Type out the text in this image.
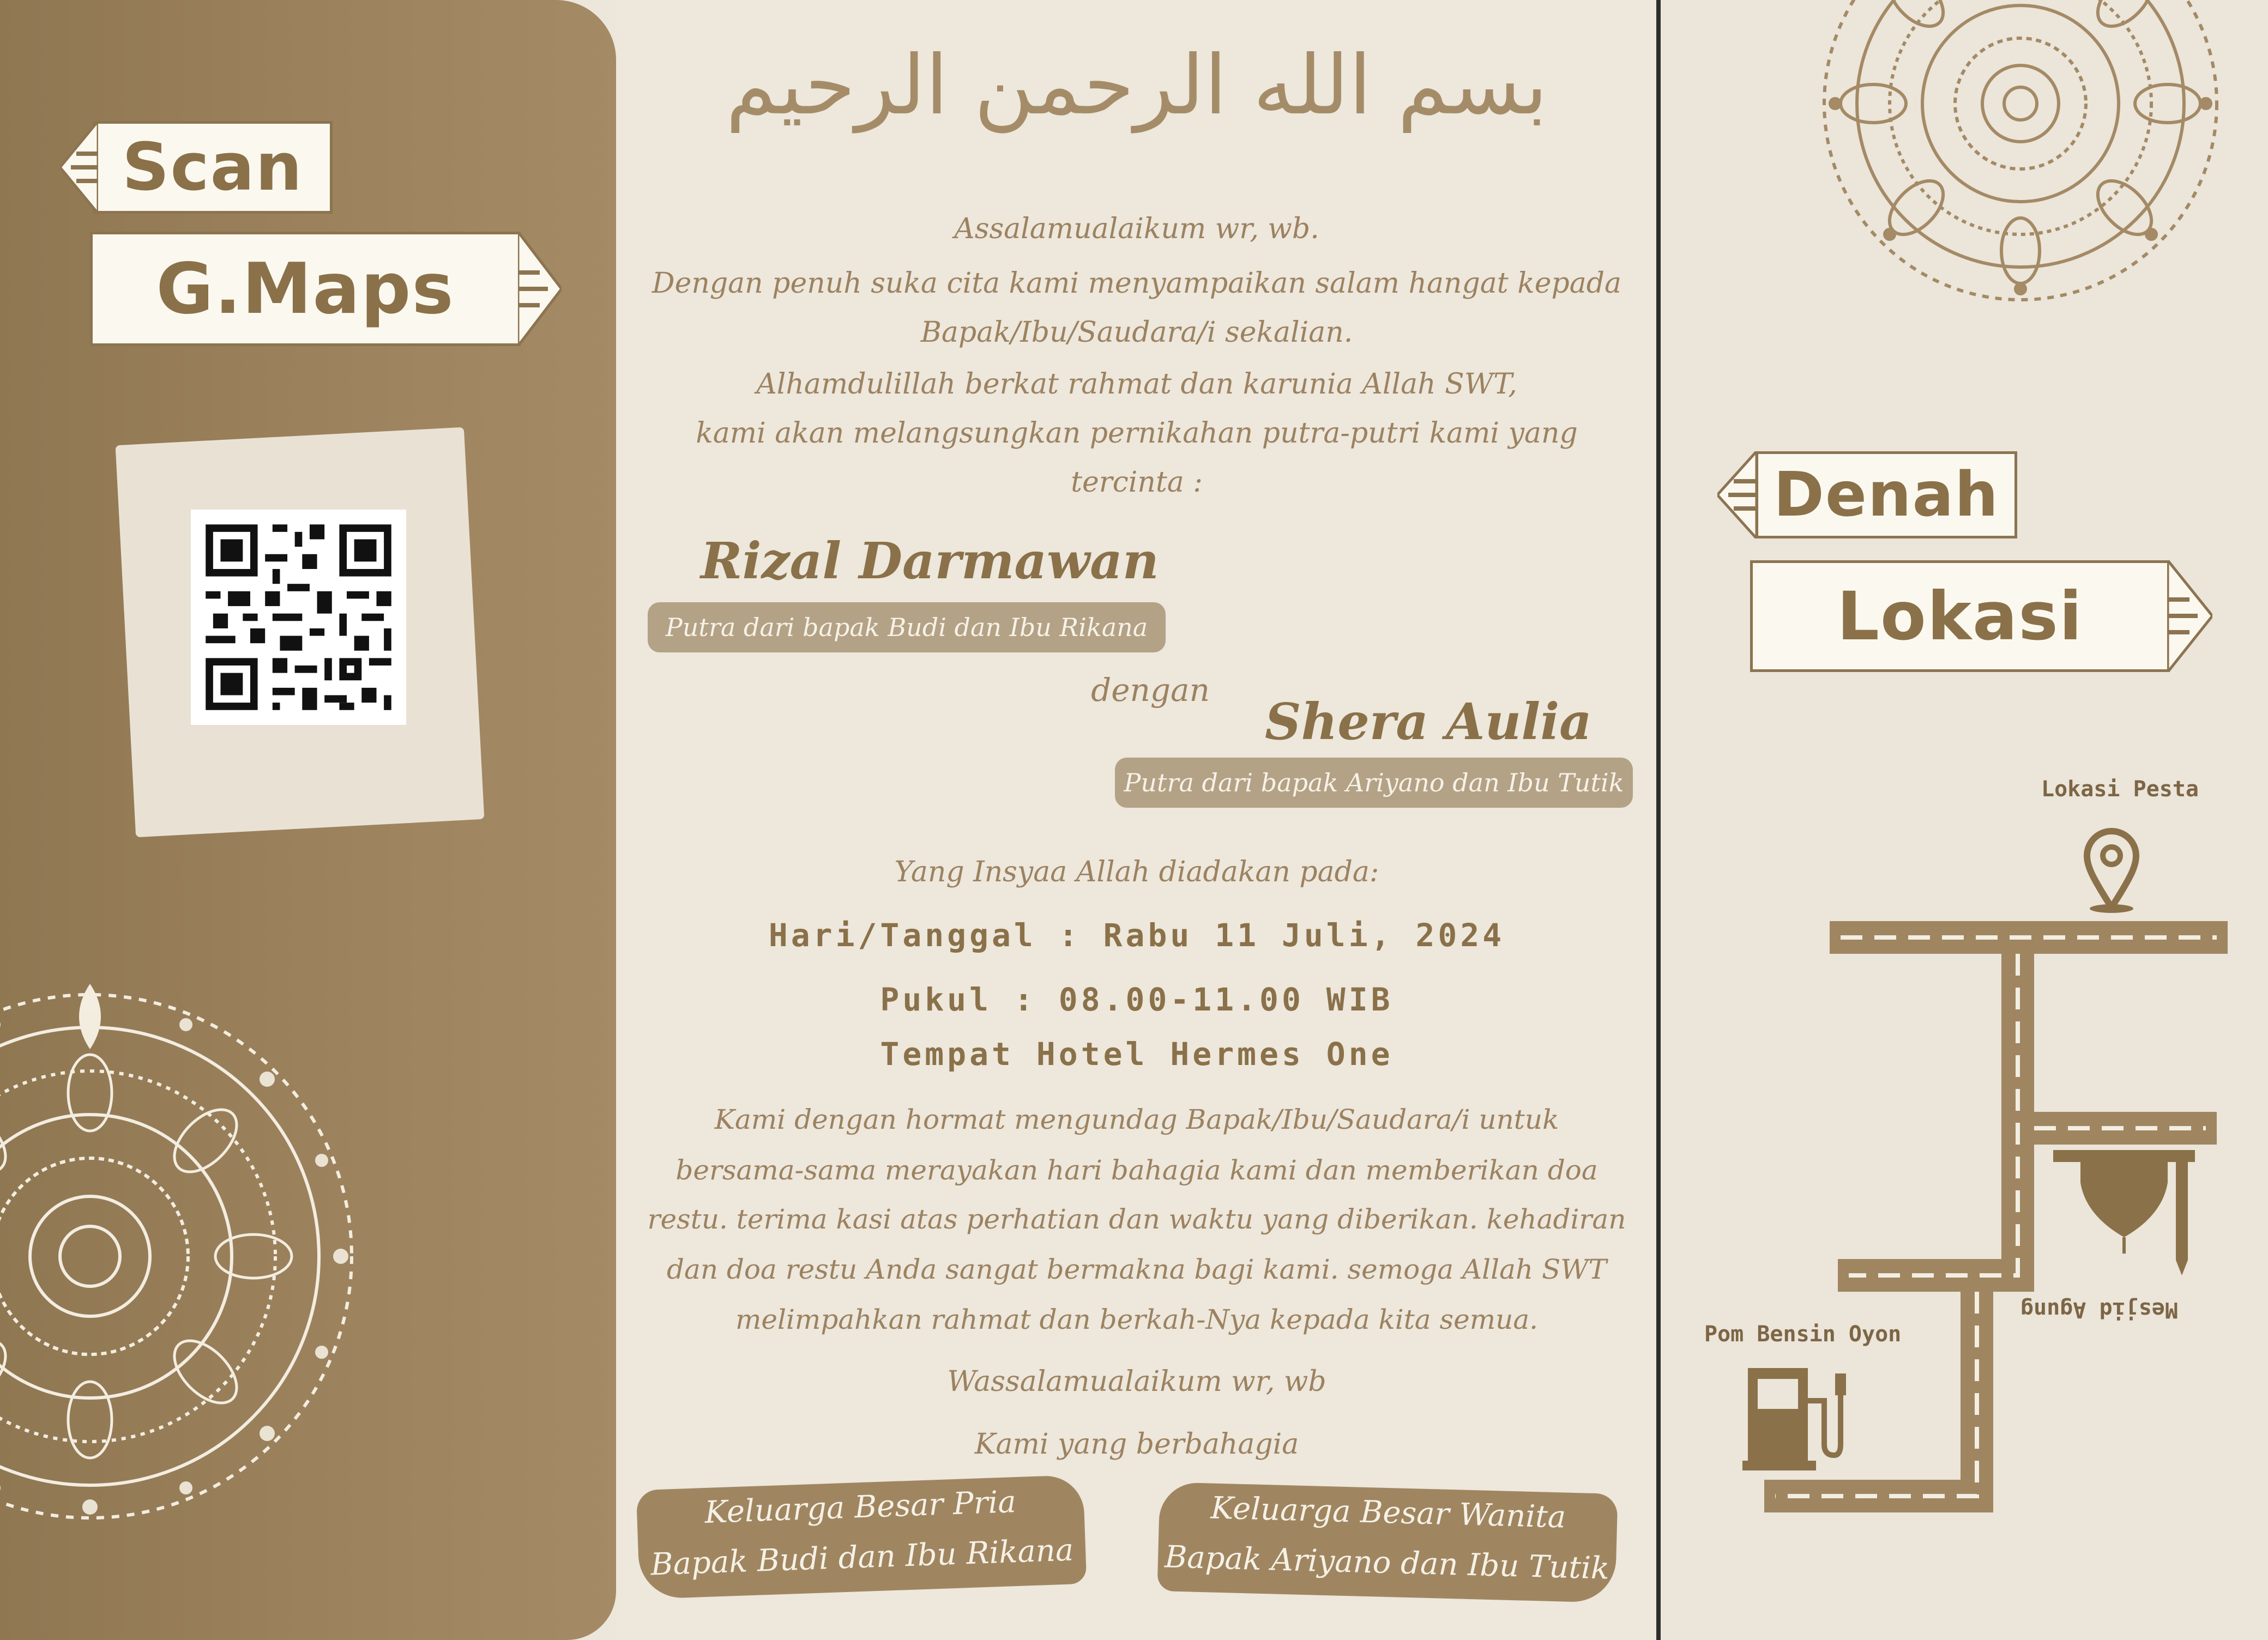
Scan
G.Maps
بسم الله الرحمن الرحيم
Assalamualaikum wr, wb.
Dengan penuh suka cita kami menyampaikan salam hangat kepada
Bapak/Ibu/Saudara/i sekalian.
Alhamdulillah berkat rahmat dan karunia Allah SWT,
kami akan melangsungkan pernikahan putra-putri kami yang
tercinta :
Rizal Darmawan
Putra dari bapak Budi dan Ibu Rikana
dengan
Shera Aulia
Putra dari bapak Ariyano dan Ibu Tutik
Yang Insyaa Allah diadakan pada:
Hari/Tanggal : Rabu 11 Juli, 2024
Pukul : 08.00-11.00 WIB
Tempat Hotel Hermes One
Kami dengan hormat mengundag Bapak/Ibu/Saudara/i untuk
bersama-sama merayakan hari bahagia kami dan memberikan doa
restu. terima kasi atas perhatian dan waktu yang diberikan. kehadiran
dan doa restu Anda sangat bermakna bagi kami. semoga Allah SWT
melimpahkan rahmat dan berkah-Nya kepada kita semua.
Wassalamualaikum wr, wb
Kami yang berbahagia
Keluarga Besar Pria
Bapak Budi dan Ibu Rikana
Keluarga Besar Wanita
Bapak Ariyano dan Ibu Tutik
Denah
Lokasi
Lokasi Pesta
Mesjid Agung
Pom Bensin Oyon
